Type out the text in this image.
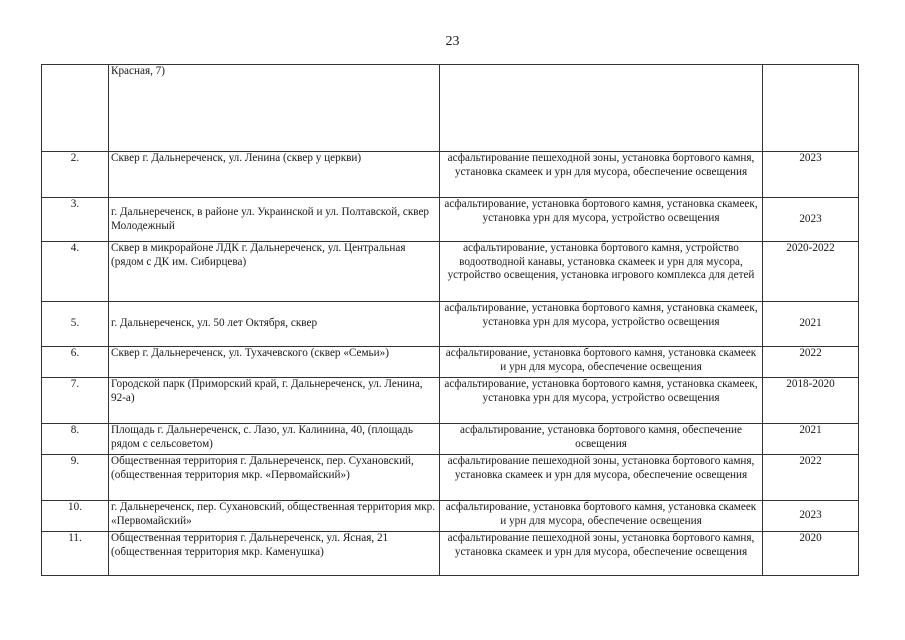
23
	Красная, 7)		
2.	Сквер г. Дальнереченск, ул. Ленина (сквер у церкви)	асфальтирование пешеходной зоны, установка бортового камня, установка скамеек и урн для мусора, обеспечение освещения	2023
3.	г. Дальнереченск, в районе ул. Украинской и ул. Полтавской, сквер Молодежный	асфальтирование, установка бортового камня, установка скамеек, установка урн для мусора, устройство освещения	2023
4.	Сквер в микрорайоне ЛДК г. Дальнереченск, ул. Центральная (рядом с ДК им. Сибирцева)	асфальтирование, установка бортового камня, устройство водоотводной канавы, установка скамеек и урн для мусора, устройство освещения, установка игрового комплекса для детей	2020-2022
5.	г. Дальнереченск, ул. 50 лет Октября, сквер	асфальтирование, установка бортового камня, установка скамеек, установка урн для мусора, устройство освещения	2021
6.	Сквер г. Дальнереченск, ул. Тухачевского (сквер «Семьи»)	асфальтирование, установка бортового камня, установка скамеек и урн для мусора, обеспечение освещения	2022
7.	Городской парк (Приморский край, г. Дальнереченск, ул. Ленина, 92-а)	асфальтирование, установка бортового камня, установка скамеек, установка урн для мусора, устройство освещения	2018-2020
8.	Площадь г. Дальнереченск, с. Лазо, ул. Калинина, 40, (площадь рядом с сельсоветом)	асфальтирование, установка бортового камня, обеспечение освещения	2021
9.	Общественная территория г. Дальнереченск, пер. Сухановский, (общественная территория мкр. «Первомайский»)	асфальтирование пешеходной зоны, установка бортового камня, установка скамеек и урн для мусора, обеспечение освещения	2022
10.	г. Дальнереченск, пер. Сухановский, общественная территория мкр. «Первомайский»	асфальтирование, установка бортового камня, установка скамеек и урн для мусора, обеспечение освещения	2023
11.	Общественная территория г. Дальнереченск, ул. Ясная, 21 (общественная территория мкр. Каменушка)	асфальтирование пешеходной зоны, установка бортового камня, установка скамеек и урн для мусора, обеспечение освещения	2020
